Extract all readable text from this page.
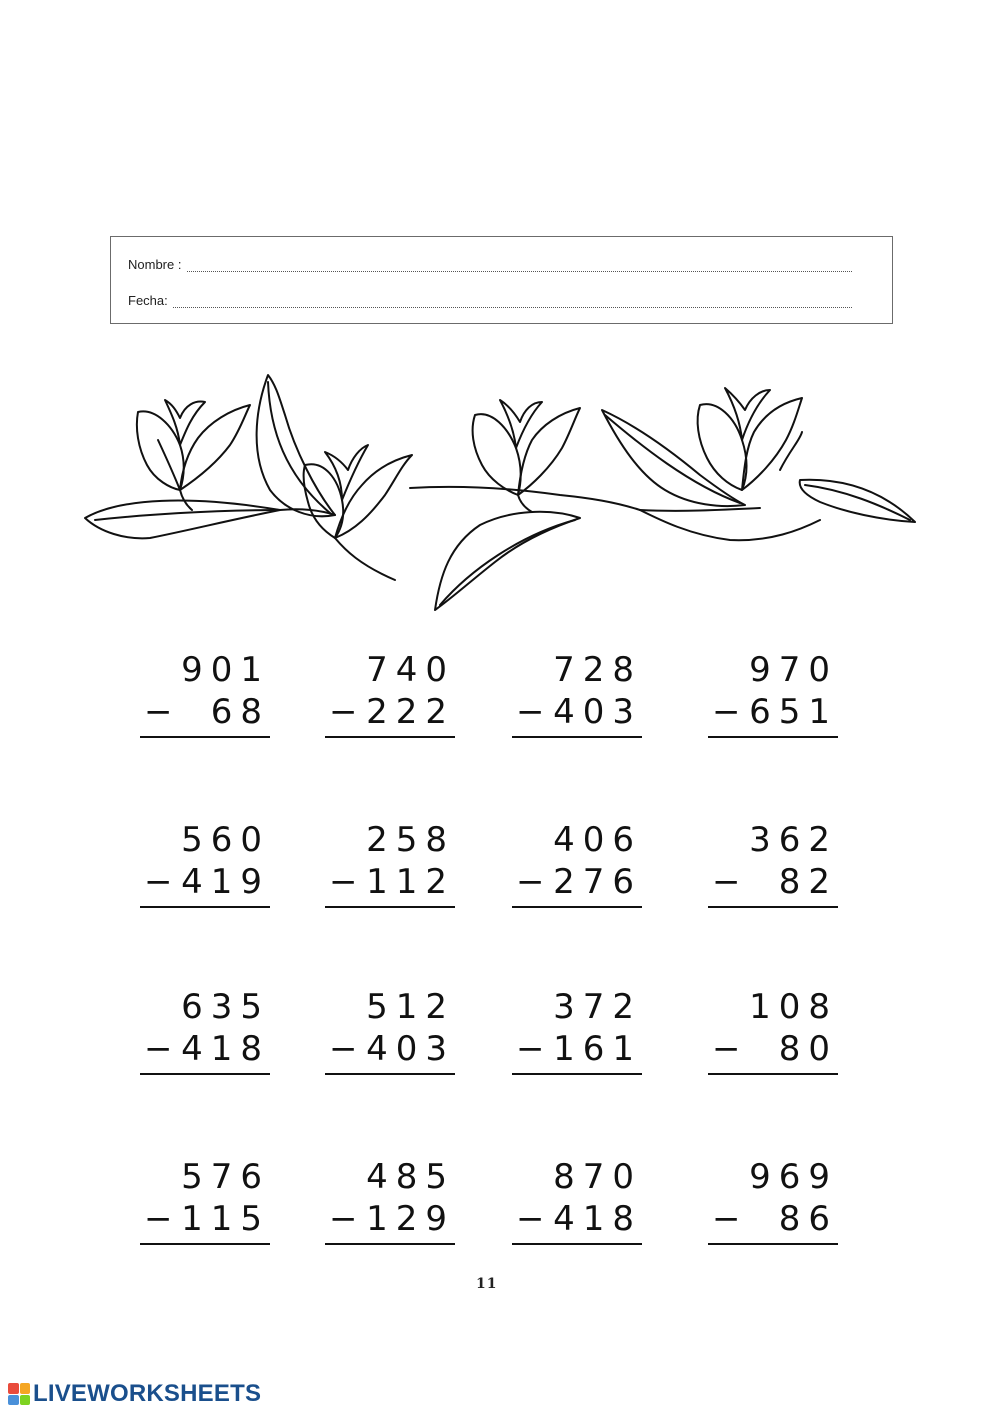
Nombre :
Fecha:
901
− 68
740
− 222
728
− 403
970
− 651
560
− 419
258
− 112
406
− 276
362
− 82
635
− 418
512
− 403
372
− 161
108
− 80
576
− 115
485
− 129
870
− 418
969
− 86
11
LIVEWORKSHEETS
